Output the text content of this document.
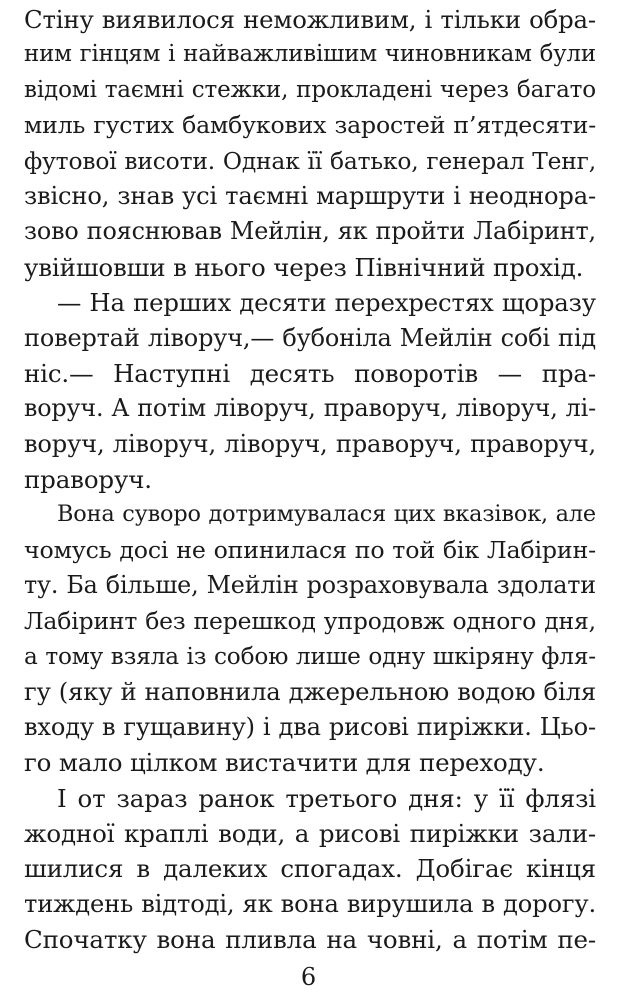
Стіну виявилося неможливим, і тільки обра-
ним гінцям і найважливішим чиновникам були
відомі таємні стежки, прокладені через багато
миль густих бамбукових заростей п’ятдесяти-
футової висоти. Однак її батько, генерал Тенг,
звісно, знав усі таємні маршрути і неоднора-
зово пояснював Мейлін, як пройти Лабіринт,
увійшовши в нього через Північний прохід.
— На перших десяти перехрестях щоразу
повертай ліворуч,— бубоніла Мейлін собі під
ніс.— Наступні десять поворотів — пра-
воруч. А потім ліворуч, праворуч, ліворуч, лі-
воруч, ліворуч, ліворуч, праворуч, праворуч,
праворуч.
Вона суворо дотримувалася цих вказівок, але
чомусь досі не опинилася по той бік Лабірин-
ту. Ба більше, Мейлін розраховувала здолати
Лабіринт без перешкод упродовж одного дня,
а тому взяла із собою лише одну шкіряну фля-
гу (яку й наповнила джерельною водою біля
входу в гущавину) і два рисові пиріжки. Цьо-
го мало цілком вистачити для переходу.
І от зараз ранок третього дня: у її флязі
жодної краплі води, а рисові пиріжки зали-
шилися в далеких спогадах. Добігає кінця
тиждень відтоді, як вона вирушила в дорогу.
Спочатку вона пливла на човні, а потім пе-
6
